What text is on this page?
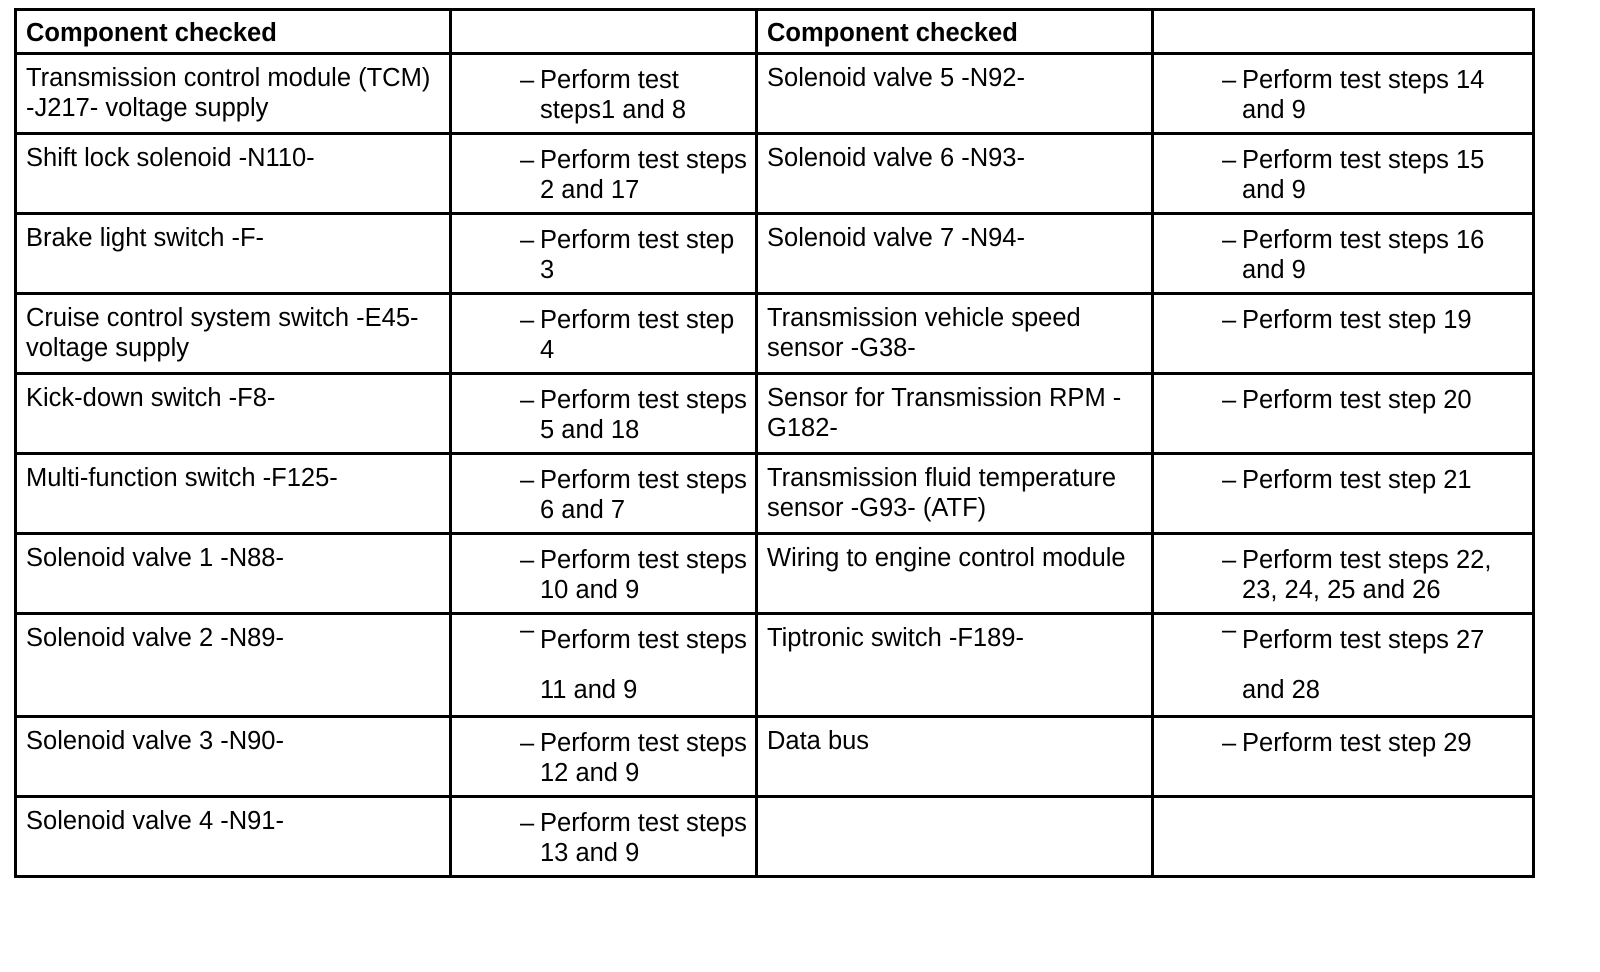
Component checked		Component checked	
Transmission control module (TCM) -J217- voltage supply	– Perform test steps1 and 8	Solenoid valve 5 -N92-	– Perform test steps 14 and 9

Shift lock solenoid -N110-	– Perform test steps 2 and 17	Solenoid valve 6 -N93-	– Perform test steps 15 and 9

Brake light switch -F-	– Perform test step 3	Solenoid valve 7 -N94-	– Perform test steps 16 and 9

Cruise control system switch -E45- voltage supply	– Perform test step 4	Transmission vehicle speed sensor -G38-	– Perform test step 19

Kick-down switch -F8-	– Perform test steps 5 and 18	Sensor for Transmission RPM -G182-	– Perform test step 20

Multi-function switch -F125-	– Perform test steps 6 and 7	Transmission fluid temperature sensor -G93- (ATF)	– Perform test step 21

Solenoid valve 1 -N88-	– Perform test steps 10 and 9	Wiring to engine control module	– Perform test steps 22, 23, 24, 25 and 26

Solenoid valve 2 -N89-	– Perform test steps 11 and 9	Tiptronic switch -F189-	– Perform test steps 27 and 28

Solenoid valve 3 -N90-	– Perform test steps 12 and 9	Data bus	– Perform test step 29

Solenoid valve 4 -N91-	– Perform test steps 13 and 9		
